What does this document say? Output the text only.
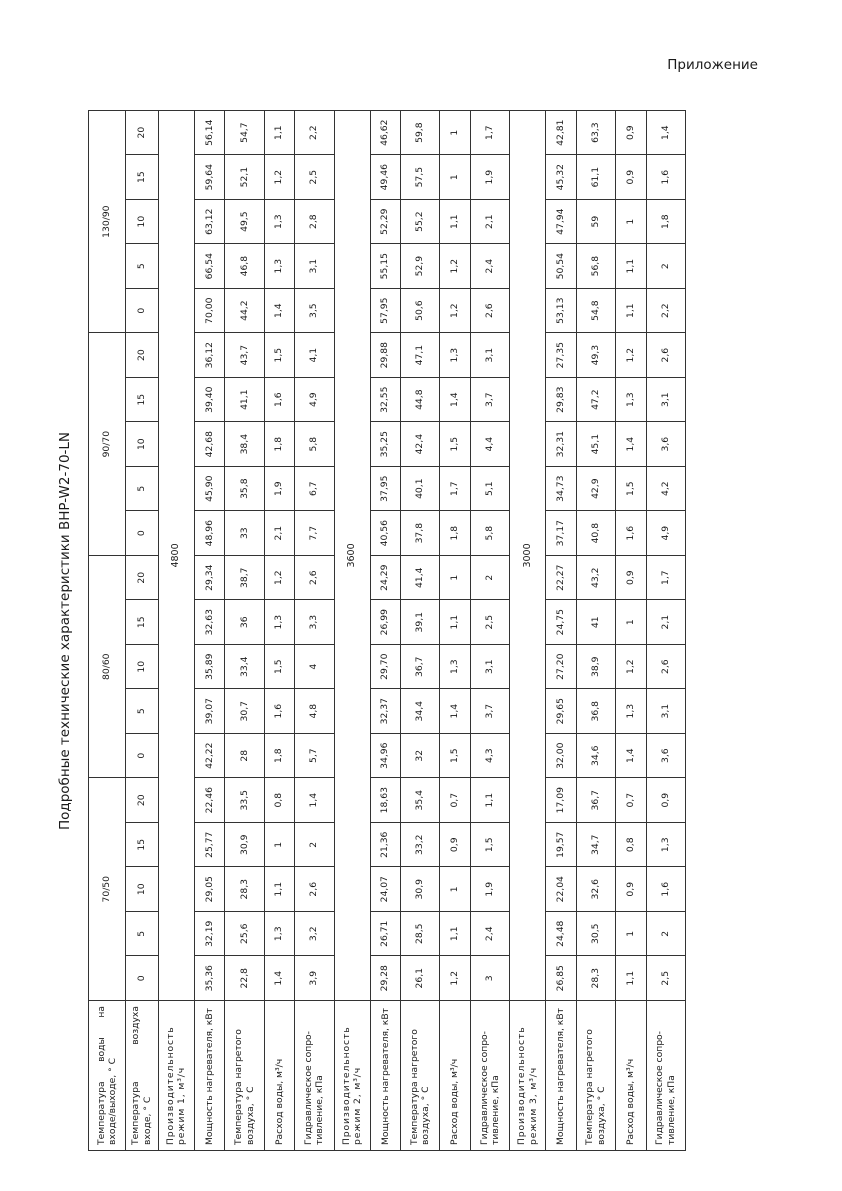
Приложение
Подробные технические характеристики BHP-W2-70-LN
Температура воды на входе/выходе, ° С	70/50					80/60					90/70					130/90				
Температура воздуха входе, ° С	0	5	10	15	20	0	5	10	15	20	0	5	10	15	20	0	5	10	15	20
Производительность режим 1, м³/ч	4800																			
Мощность нагревателя, кВт	35,36	32,19	29,05	25,77	22,46	42,22	39,07	35,89	32,63	29,34	48,96	45,90	42,68	39,40	36,12	70,00	66,54	63,12	59,64	56,14
Температура нагретого воздуха, ° С	22,8	25,6	28,3	30,9	33,5	28	30,7	33,4	36	38,7	33	35,8	38,4	41,1	43,7	44,2	46,8	49,5	52,1	54,7
Расход воды, м³/ч	1,4	1,3	1,1	1	0,8	1,8	1,6	1,5	1,3	1,2	2,1	1,9	1,8	1,6	1,5	1,4	1,3	1,3	1,2	1,1
Гидравлическое сопро-тивление, кПа	3,9	3,2	2,6	2	1,4	5,7	4,8	4	3,3	2,6	7,7	6,7	5,8	4,9	4,1	3,5	3,1	2,8	2,5	2,2
Производительность режим 2, м³/ч	3600																			
Мощность нагревателя, кВт	29,28	26,71	24,07	21,36	18,63	34,96	32,37	29,70	26,99	24,29	40,56	37,95	35,25	32,55	29,88	57,95	55,15	52,29	49,46	46,62
Температура нагретого воздуха, ° С	26,1	28,5	30,9	33,2	35,4	32	34,4	36,7	39,1	41,4	37,8	40,1	42,4	44,8	47,1	50,6	52,9	55,2	57,5	59,8
Расход воды, м³/ч	1,2	1,1	1	0,9	0,7	1,5	1,4	1,3	1,1	1	1,8	1,7	1,5	1,4	1,3	1,2	1,2	1,1	1	1
Гидравлическое сопро-тивление, кПа	3	2,4	1,9	1,5	1,1	4,3	3,7	3,1	2,5	2	5,8	5,1	4,4	3,7	3,1	2,6	2,4	2,1	1,9	1,7
Производительность режим 3, м³/ч	3000																			
Мощность нагревателя, кВт	26,85	24,48	22,04	19,57	17,09	32,00	29,65	27,20	24,75	22,27	37,17	34,73	32,31	29,83	27,35	53,13	50,54	47,94	45,32	42,81
Температура нагретого воздуха, ° С	28,3	30,5	32,6	34,7	36,7	34,6	36,8	38,9	41	43,2	40,8	42,9	45,1	47,2	49,3	54,8	56,8	59	61,1	63,3
Расход воды, м³/ч	1,1	1	0,9	0,8	0,7	1,4	1,3	1,2	1	0,9	1,6	1,5	1,4	1,3	1,2	1,1	1,1	1	0,9	0,9
Гидравлическое сопро-тивление, кПа	2,5	2	1,6	1,3	0,9	3,6	3,1	2,6	2,1	1,7	4,9	4,2	3,6	3,1	2,6	2,2	2	1,8	1,6	1,4
